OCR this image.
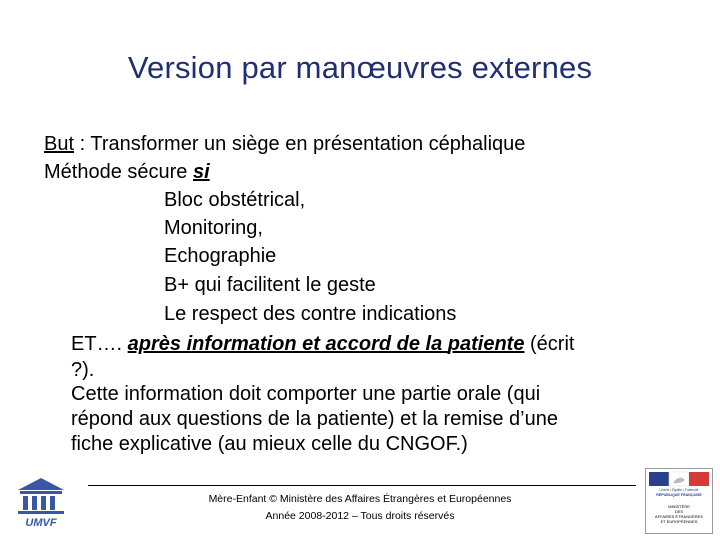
Version par manœuvres externes
But : Transformer un siège en présentation céphalique
Méthode sécure si
Bloc obstétrical,
Monitoring,
Echographie
B+ qui facilitent le geste
Le respect des contre indications
ET…. après information et accord de la patiente (écrit
?).
Cette information doit comporter une partie orale (qui
répond aux questions de la patiente) et la remise d’une
fiche explicative (au mieux celle du CNGOF.)
Mère-Enfant © Ministère des Affaires Étrangères et Européennes
Année 2008-2012 – Tous droits réservés
UMVF
Liberté • Égalité • Fraternité
RÉPUBLIQUE FRANÇAISE
MINISTÈRE
DES
AFFAIRES ÉTRANGÈRES
ET EUROPÉENNES
